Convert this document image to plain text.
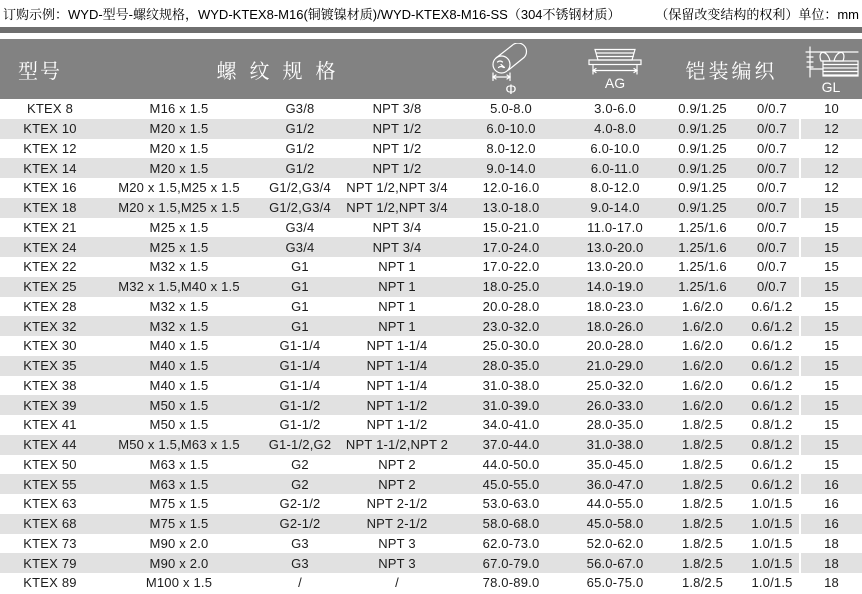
订购示例：WYD-型号-螺纹规格，WYD-KTEX8-M16(铜镀镍材质)/WYD-KTEX8-M16-SS（304不锈钢材质）	（保留改变结构的权利）单位：mm
型号	螺纹规格			Φ	AG	铠装编织		GL

KTEX 8	M16 x 1.5	G3/8	NPT 3/8	5.0-8.0	3.0-6.0	0.9/1.25	0/0.7	10
KTEX 10	M20 x 1.5	G1/2	NPT 1/2	6.0-10.0	4.0-8.0	0.9/1.25	0/0.7	12
KTEX 12	M20 x 1.5	G1/2	NPT 1/2	8.0-12.0	6.0-10.0	0.9/1.25	0/0.7	12
KTEX 14	M20 x 1.5	G1/2	NPT 1/2	9.0-14.0	6.0-11.0	0.9/1.25	0/0.7	12
KTEX 16	M20 x 1.5,M25 x 1.5	G1/2,G3/4	NPT 1/2,NPT 3/4	12.0-16.0	8.0-12.0	0.9/1.25	0/0.7	12
KTEX 18	M20 x 1.5,M25 x 1.5	G1/2,G3/4	NPT 1/2,NPT 3/4	13.0-18.0	9.0-14.0	0.9/1.25	0/0.7	15
KTEX 21	M25 x 1.5	G3/4	NPT 3/4	15.0-21.0	11.0-17.0	1.25/1.6	0/0.7	15
KTEX 24	M25 x 1.5	G3/4	NPT 3/4	17.0-24.0	13.0-20.0	1.25/1.6	0/0.7	15
KTEX 22	M32 x 1.5	G1	NPT 1	17.0-22.0	13.0-20.0	1.25/1.6	0/0.7	15
KTEX 25	M32 x 1.5,M40 x 1.5	G1	NPT 1	18.0-25.0	14.0-19.0	1.25/1.6	0/0.7	15
KTEX 28	M32 x 1.5	G1	NPT 1	20.0-28.0	18.0-23.0	1.6/2.0	0.6/1.2	15
KTEX 32	M32 x 1.5	G1	NPT 1	23.0-32.0	18.0-26.0	1.6/2.0	0.6/1.2	15
KTEX 30	M40 x 1.5	G1-1/4	NPT 1-1/4	25.0-30.0	20.0-28.0	1.6/2.0	0.6/1.2	15
KTEX 35	M40 x 1.5	G1-1/4	NPT 1-1/4	28.0-35.0	21.0-29.0	1.6/2.0	0.6/1.2	15
KTEX 38	M40 x 1.5	G1-1/4	NPT 1-1/4	31.0-38.0	25.0-32.0	1.6/2.0	0.6/1.2	15
KTEX 39	M50 x 1.5	G1-1/2	NPT 1-1/2	31.0-39.0	26.0-33.0	1.6/2.0	0.6/1.2	15
KTEX 41	M50 x 1.5	G1-1/2	NPT 1-1/2	34.0-41.0	28.0-35.0	1.8/2.5	0.8/1.2	15
KTEX 44	M50 x 1.5,M63 x 1.5	G1-1/2,G2	NPT 1-1/2,NPT 2	37.0-44.0	31.0-38.0	1.8/2.5	0.8/1.2	15
KTEX 50	M63 x 1.5	G2	NPT 2	44.0-50.0	35.0-45.0	1.8/2.5	0.6/1.2	15
KTEX 55	M63 x 1.5	G2	NPT 2	45.0-55.0	36.0-47.0	1.8/2.5	0.6/1.2	16
KTEX 63	M75 x 1.5	G2-1/2	NPT 2-1/2	53.0-63.0	44.0-55.0	1.8/2.5	1.0/1.5	16
KTEX 68	M75 x 1.5	G2-1/2	NPT 2-1/2	58.0-68.0	45.0-58.0	1.8/2.5	1.0/1.5	16
KTEX 73	M90 x 2.0	G3	NPT 3	62.0-73.0	52.0-62.0	1.8/2.5	1.0/1.5	18
KTEX 79	M90 x 2.0	G3	NPT 3	67.0-79.0	56.0-67.0	1.8/2.5	1.0/1.5	18
KTEX 89	M100 x 1.5	/	/	78.0-89.0	65.0-75.0	1.8/2.5	1.0/1.5	18
